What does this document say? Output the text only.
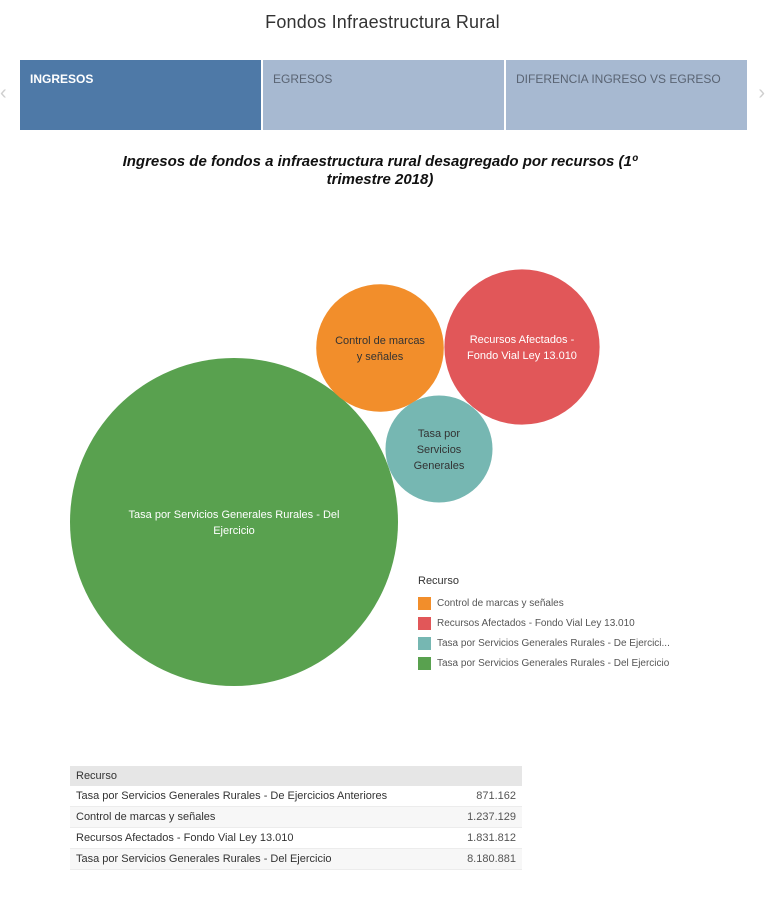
Fondos Infraestructura Rural
‹	›
INGRESOS	EGRESOS	DIFERENCIA INGRESO VS EGRESO
Ingresos de fondos a infraestructura rural desagregado por recursos (1º
trimestre 2018)
Tasa por Servicios Generales Rurales - Del
Ejercicio
Control de marcas
y señales
Recursos Afectados -
Fondo Vial Ley 13.010
Tasa por
Servicios
Generales
Recurso
Control de marcas y señales
Recursos Afectados - Fondo Vial Ley 13.010
Tasa por Servicios Generales Rurales - De Ejercici...
Tasa por Servicios Generales Rurales - Del Ejercicio
Recurso
Tasa por Servicios Generales Rurales - De Ejercicios Anteriores	871.162
Control de marcas y señales	1.237.129
Recursos Afectados - Fondo Vial Ley 13.010	1.831.812
Tasa por Servicios Generales Rurales - Del Ejercicio	8.180.881
